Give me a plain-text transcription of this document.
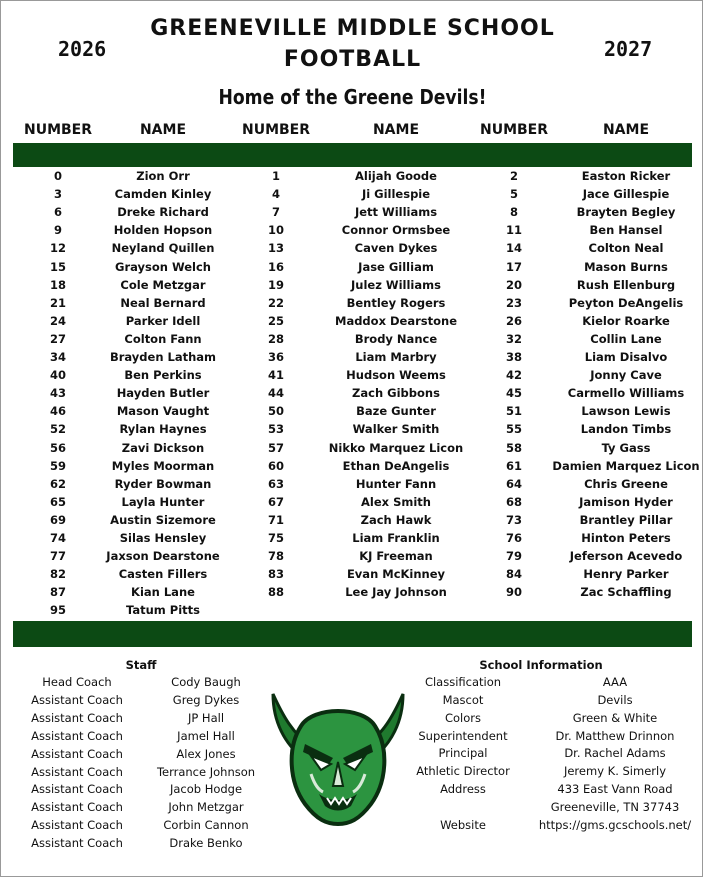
2026	2027
GREENEVILLE MIDDLE SCHOOL
FOOTBALL
Home of the Greene Devils!
NUMBER	NAME	NUMBER	NAME	NUMBER	NAME
0	Zion Orr	1	Alijah Goode	2	Easton Ricker
3	Camden Kinley	4	Ji Gillespie	5	Jace Gillespie
6	Dreke Richard	7	Jett Williams	8	Brayten Begley
9	Holden Hopson	10	Connor Ormsbee	11	Ben Hansel
12	Neyland Quillen	13	Caven Dykes	14	Colton Neal
15	Grayson Welch	16	Jase Gilliam	17	Mason Burns
18	Cole Metzgar	19	Julez Williams	20	Rush Ellenburg
21	Neal Bernard	22	Bentley Rogers	23	Peyton DeAngelis
24	Parker Idell	25	Maddox Dearstone	26	Kielor Roarke
27	Colton Fann	28	Brody Nance	32	Collin Lane
34	Brayden Latham	36	Liam Marbry	38	Liam Disalvo
40	Ben Perkins	41	Hudson Weems	42	Jonny Cave
43	Hayden Butler	44	Zach Gibbons	45	Carmello Williams
46	Mason Vaught	50	Baze Gunter	51	Lawson Lewis
52	Rylan Haynes	53	Walker Smith	55	Landon Timbs
56	Zavi Dickson	57	Nikko Marquez Licon	58	Ty Gass
59	Myles Moorman	60	Ethan DeAngelis	61	Damien Marquez Licon
62	Ryder Bowman	63	Hunter Fann	64	Chris Greene
65	Layla Hunter	67	Alex Smith	68	Jamison Hyder
69	Austin Sizemore	71	Zach Hawk	73	Brantley Pillar
74	Silas Hensley	75	Liam Franklin	76	Hinton Peters
77	Jaxson Dearstone	78	KJ Freeman	79	Jeferson Acevedo
82	Casten Fillers	83	Evan McKinney	84	Henry Parker
87	Kian Lane	88	Lee Jay Johnson	90	Zac Schaffling
95	Tatum Pitts
Staff	School Information
Head Coach	Cody Baugh
Assistant Coach	Greg Dykes
Assistant Coach	JP Hall
Assistant Coach	Jamel Hall
Assistant Coach	Alex Jones
Assistant Coach	Terrance Johnson
Assistant Coach	Jacob Hodge
Assistant Coach	John Metzgar
Assistant Coach	Corbin Cannon
Assistant Coach	Drake Benko
Classification	AAA
Mascot	Devils
Colors	Green & White
Superintendent	Dr. Matthew Drinnon
Principal	Dr. Rachel Adams
Athletic Director	Jeremy K. Simerly
Address	433 East Vann Road
Greeneville, TN 37743
Website	https://gms.gcschools.net/
